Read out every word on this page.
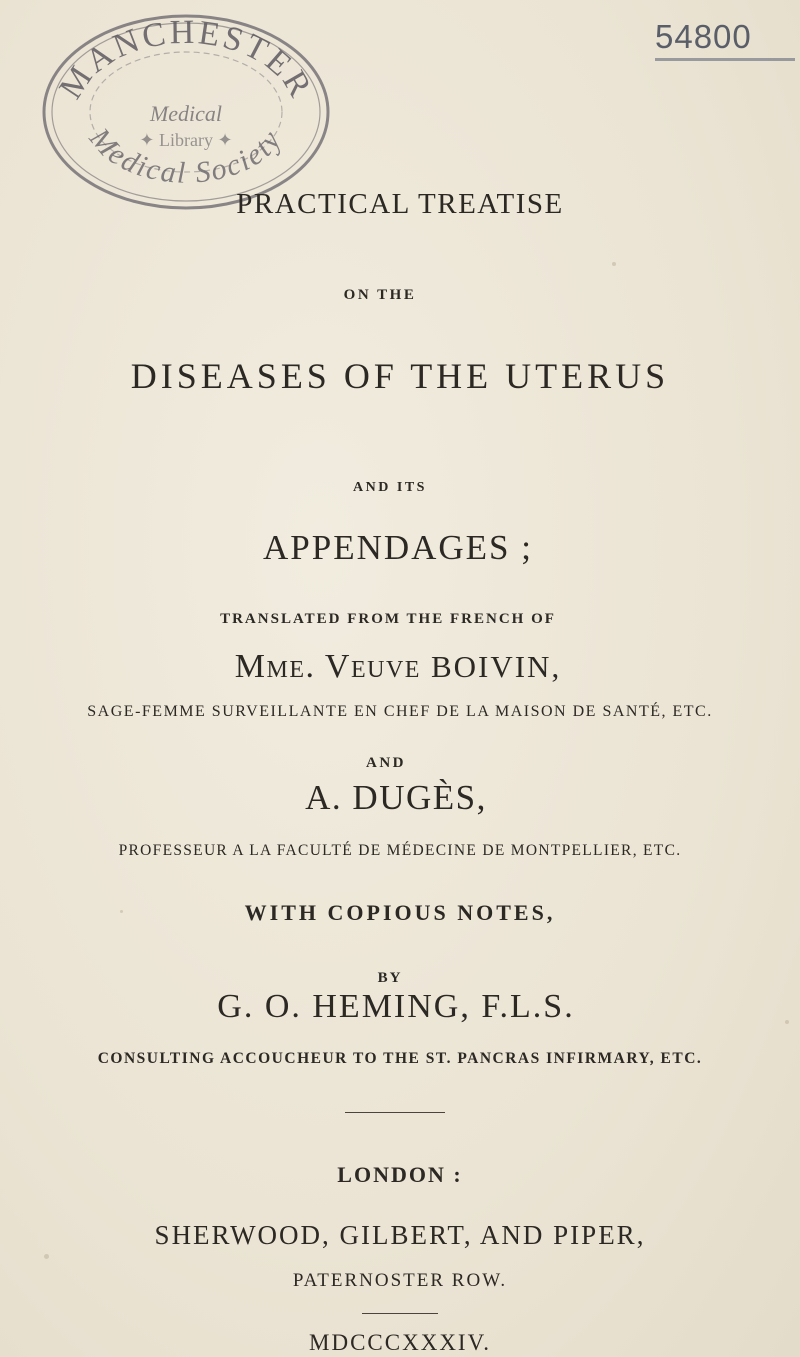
MANCHESTER
Medical Society
Medical
✦ Library ✦
54800
PRACTICAL TREATISE
ON THE
DISEASES OF THE UTERUS
AND ITS
APPENDAGES ;
TRANSLATED FROM THE FRENCH OF
Mme. Veuve BOIVIN,
SAGE-FEMME SURVEILLANTE EN CHEF DE LA MAISON DE SANTÉ, ETC.
AND
A. DUGÈS,
PROFESSEUR A LA FACULTÉ DE MÉDECINE DE MONTPELLIER, ETC.
WITH COPIOUS NOTES,
BY
G. O. HEMING, F.L.S.
CONSULTING ACCOUCHEUR TO THE ST. PANCRAS INFIRMARY, ETC.
LONDON :
SHERWOOD, GILBERT, AND PIPER,
PATERNOSTER ROW.
MDCCCXXXIV.
